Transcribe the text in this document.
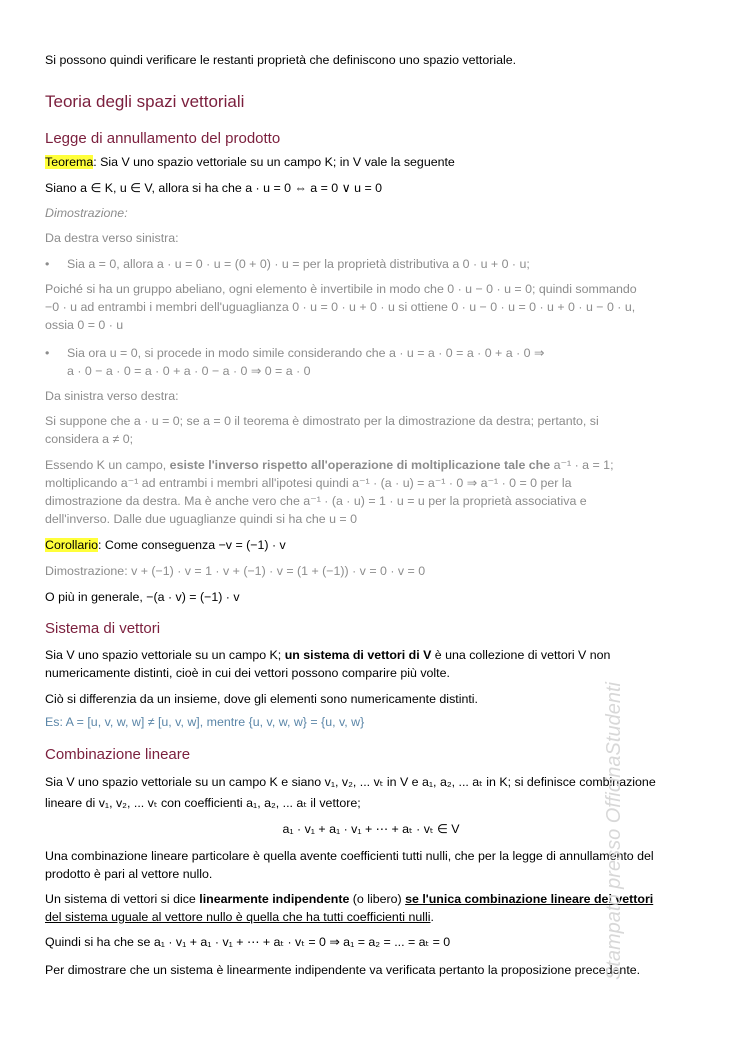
Si possono quindi verificare le restanti proprietà che definiscono uno spazio vettoriale.
Teoria degli spazi vettoriali
Legge di annullamento del prodotto
Teorema: Sia V uno spazio vettoriale su un campo K; in V vale la seguente
Siano a ∈ K, u ∈ V, allora si ha che a · u = 0 ⇔ a = 0 ∨ u = 0
Dimostrazione:
Da destra verso sinistra:
• Sia a = 0, allora a · u = 0 · u = (0 + 0) · u = per la proprietà distributiva a 0 · u + 0 · u;
Poiché si ha un gruppo abeliano, ogni elemento è invertibile in modo che 0 · u − 0 · u = 0; quindi sommando
−0 · u ad entrambi i membri dell'uguaglianza 0 · u = 0 · u + 0 · u si ottiene 0 · u − 0 · u = 0 · u + 0 · u − 0 · u,
ossia 0 = 0 · u
• Sia ora u = 0, si procede in modo simile considerando che a · u = a · 0 = a · 0 + a · 0 ⇒
a · 0 − a · 0 = a · 0 + a · 0 − a · 0 ⇒ 0 = a · 0
Da sinistra verso destra:
Si suppone che a · u = 0; se a = 0 il teorema è dimostrato per la dimostrazione da destra; pertanto, si
considera a ≠ 0;
Essendo K un campo, esiste l'inverso rispetto all'operazione di moltiplicazione tale che a⁻¹ · a = 1;
moltiplicando a⁻¹ ad entrambi i membri all'ipotesi quindi a⁻¹ · (a · u) = a⁻¹ · 0 ⇒ a⁻¹ · 0 = 0 per la
dimostrazione da destra. Ma è anche vero che a⁻¹ · (a · u) = 1 · u = u per la proprietà associativa e
dell'inverso. Dalle due uguaglianze quindi si ha che u = 0
Corollario: Come conseguenza −v = (−1) · v
Dimostrazione: v + (−1) · v = 1 · v + (−1) · v = (1 + (−1)) · v = 0 · v = 0
O più in generale, −(a · v) = (−1) · v
Sistema di vettori
Sia V uno spazio vettoriale su un campo K; un sistema di vettori di V è una collezione di vettori V non
numericamente distinti, cioè in cui dei vettori possono comparire più volte.
Ciò si differenzia da un insieme, dove gli elementi sono numericamente distinti.
Es: A = [u, v, w, w] ≠ [u, v, w], mentre {u, v, w, w} = {u, v, w}
Combinazione lineare
Sia V uno spazio vettoriale su un campo K e siano v₁, v₂, ... vₜ in V e a₁, a₂, ... aₜ in K; si definisce combinazione
lineare di v₁, v₂, ... vₜ con coefficienti a₁, a₂, ... aₜ il vettore;
a₁ · v₁ + a₁ · v₁ + ⋯ + aₜ · vₜ ∈ V
Una combinazione lineare particolare è quella avente coefficienti tutti nulli, che per la legge di annullamento del
prodotto è pari al vettore nullo.
Un sistema di vettori si dice linearmente indipendente (o libero) se l'unica combinazione lineare dei vettori
del sistema uguale al vettore nullo è quella che ha tutti coefficienti nulli.
Quindi si ha che se a₁ · v₁ + a₁ · v₁ + ⋯ + aₜ · vₜ = 0 ⇒ a₁ = a₂ = ... = aₜ = 0
Per dimostrare che un sistema è linearmente indipendente va verificata pertanto la proposizione precedente.
Stampato presso OfficinaStudenti
